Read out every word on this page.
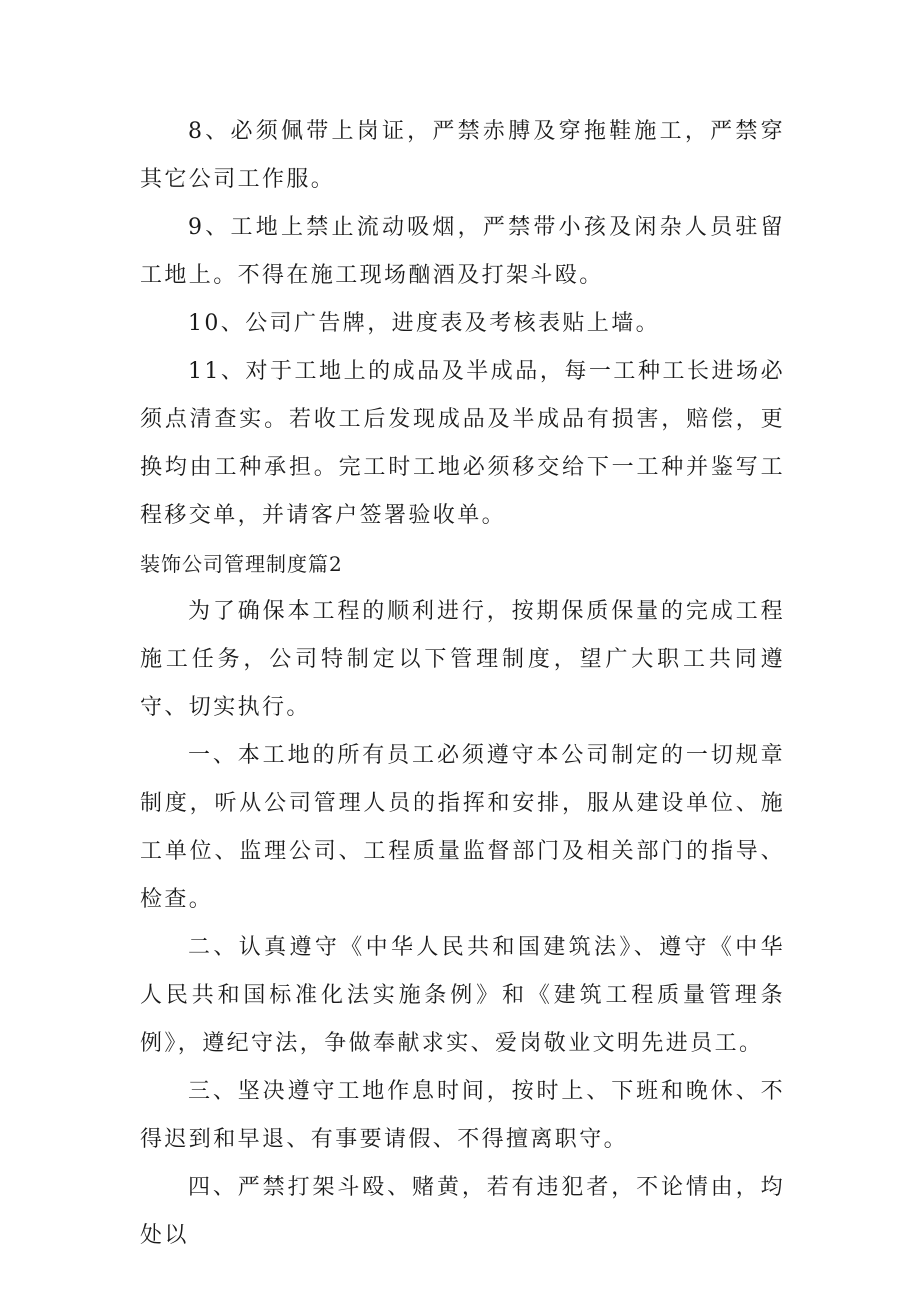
8、必须佩带上岗证，严禁赤膊及穿拖鞋施工，严禁穿其它公司工作服。

9、工地上禁止流动吸烟，严禁带小孩及闲杂人员驻留工地上。不得在施工现场酗酒及打架斗殴。

10、公司广告牌，进度表及考核表贴上墙。

11、对于工地上的成品及半成品，每一工种工长进场必须点清查实。若收工后发现成品及半成品有损害，赔偿，更换均由工种承担。完工时工地必须移交给下一工种并鉴写工程移交单，并请客户签署验收单。

装饰公司管理制度篇2

为了确保本工程的顺利进行，按期保质保量的完成工程施工任务，公司特制定以下管理制度，望广大职工共同遵守、切实执行。

一、本工地的所有员工必须遵守本公司制定的一切规章制度，听从公司管理人员的指挥和安排，服从建设单位、施工单位、监理公司、工程质量监督部门及相关部门的指导、检查。

二、认真遵守《中华人民共和国建筑法》、遵守《中华人民共和国标准化法实施条例》和《建筑工程质量管理条例》，遵纪守法，争做奉献求实、爱岗敬业文明先进员工。

三、坚决遵守工地作息时间，按时上、下班和晚休、不得迟到和早退、有事要请假、不得擅离职守。

四、严禁打架斗殴、赌黄，若有违犯者，不论情由，均处以
